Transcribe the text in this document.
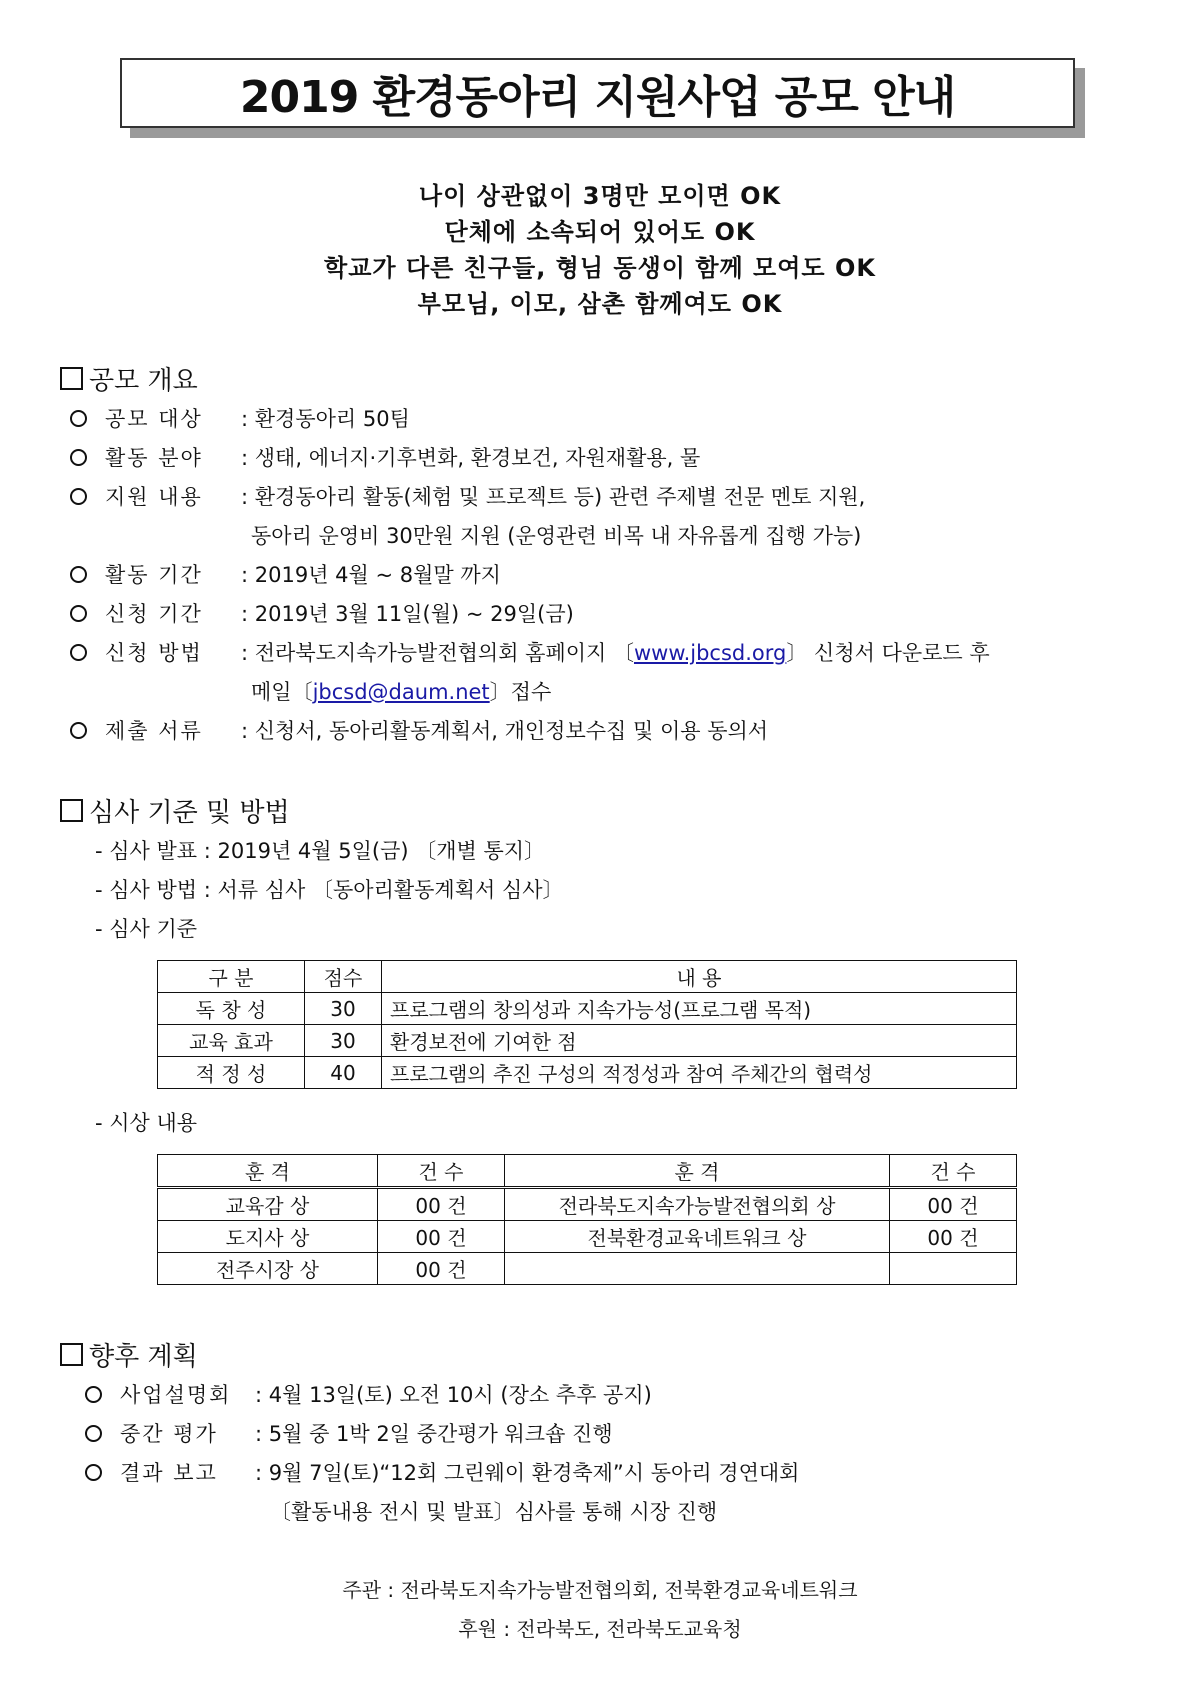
2019 환경동아리 지원사업 공모 안내
나이 상관없이 3명만 모이면 OK
단체에 소속되어 있어도 OK
학교가 다른 친구들, 형님 동생이 함께 모여도 OK
부모님, 이모, 삼촌 함께여도 OK
공모 개요
공모 대상 : 환경동아리 50팀
활동 분야 : 생태, 에너지·기후변화, 환경보건, 자원재활용, 물
지원 내용 : 환경동아리 활동(체험 및 프로젝트 등) 관련 주제별 전문 멘토 지원,
동아리 운영비 30만원 지원 (운영관련 비목 내 자유롭게 집행 가능)
활동 기간 : 2019년 4월 ~ 8월말 까지
신청 기간 : 2019년 3월 11일(월) ~ 29일(금)
신청 방법 : 전라북도지속가능발전협의회 홈페이지 〔www.jbcsd.org〕 신청서 다운로드 후
메일〔jbcsd@daum.net〕접수
제출 서류 : 신청서, 동아리활동계획서, 개인정보수집 및 이용 동의서
심사 기준 및 방법
- 심사 발표 : 2019년 4월 5일(금) 〔개별 통지〕
- 심사 방법 : 서류 심사 〔동아리활동계획서 심사〕
- 심사 기준
구 분	점수	내 용
독 창 성	30	프로그램의 창의성과 지속가능성(프로그램 목적)
교육 효과	30	환경보전에 기여한 점
적 정 성	40	프로그램의 추진 구성의 적정성과 참여 주체간의 협력성
- 시상 내용
훈 격	건 수	훈 격	건 수
교육감 상	00 건	전라북도지속가능발전협의회 상	00 건
도지사 상	00 건	전북환경교육네트워크 상	00 건
전주시장 상	00 건		
향후 계획
사업설명회 : 4월 13일(토) 오전 10시 (장소 추후 공지)
중간 평가 : 5월 중 1박 2일 중간평가 워크숍 진행
결과 보고 : 9월 7일(토)“12회 그린웨이 환경축제”시 동아리 경연대회
〔활동내용 전시 및 발표〕심사를 통해 시장 진행
주관 : 전라북도지속가능발전협의회, 전북환경교육네트워크
후원 : 전라북도, 전라북도교육청
